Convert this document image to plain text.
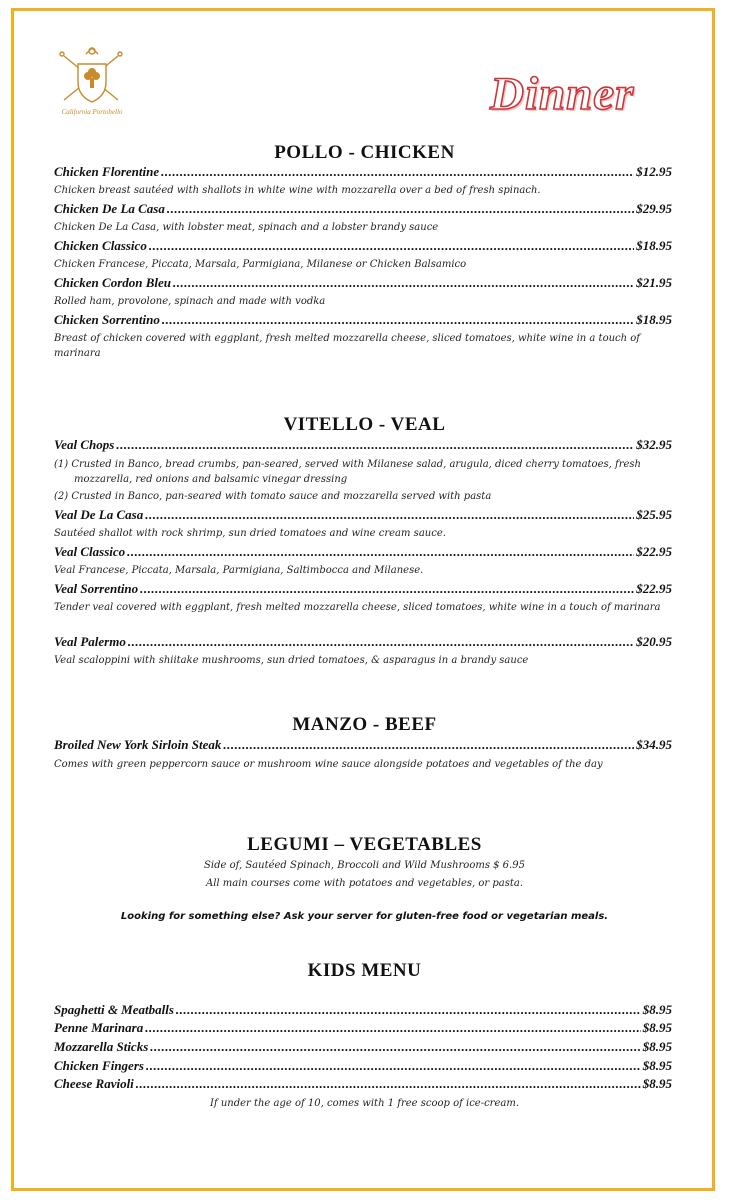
California Portobello	Dinner
POLLO - CHICKEN
Chicken Florentine .....	$12.95
Chicken breast sautéed with shallots in white wine with mozzarella over a bed of fresh spinach.
Chicken De La Casa .....	$29.95
Chicken De La Casa, with lobster meat, spinach and a lobster brandy sauce
Chicken Classico .....	$18.95
Chicken Francese, Piccata, Marsala, Parmigiana, Milanese or Chicken Balsamico
Chicken Cordon Bleu .....	$21.95
Rolled ham, provolone, spinach and made with vodka
Chicken Sorrentino .....	$18.95
Breast of chicken covered with eggplant, fresh melted mozzarella cheese, sliced tomatoes, white wine in a touch of marinara
VITELLO - VEAL
Veal Chops .....	$32.95
(1) Crusted in Banco, bread crumbs, pan-seared, served with Milanese salad, arugula, diced cherry tomatoes, fresh mozzarella, red onions and balsamic vinegar dressing
(2) Crusted in Banco, pan-seared with tomato sauce and mozzarella served with pasta
Veal De La Casa .....	$25.95
Sautéed shallot with rock shrimp, sun dried tomatoes and wine cream sauce.
Veal Classico .....	$22.95
Veal Francese, Piccata, Marsala, Parmigiana, Saltimbocca and Milanese.
Veal Sorrentino .....	$22.95
Tender veal covered with eggplant, fresh melted mozzarella cheese, sliced tomatoes, white wine in a touch of marinara
Veal Palermo .....	$20.95
Veal scaloppini with shiitake mushrooms, sun dried tomatoes, & asparagus in a brandy sauce
MANZO - BEEF
Broiled New York Sirloin Steak .....	$34.95
Comes with green peppercorn sauce or mushroom wine sauce alongside potatoes and vegetables of the day
LEGUMI – VEGETABLES
Side of, Sautéed Spinach, Broccoli and Wild Mushrooms $ 6.95
All main courses come with potatoes and vegetables, or pasta.
Looking for something else? Ask your server for gluten-free food or vegetarian meals.
KIDS MENU
Spaghetti & Meatballs .....	$8.95
Penne Marinara .....	$8.95
Mozzarella Sticks .....	$8.95
Chicken Fingers .....	$8.95
Cheese Ravioli .....	$8.95
If under the age of 10, comes with 1 free scoop of ice-cream.
